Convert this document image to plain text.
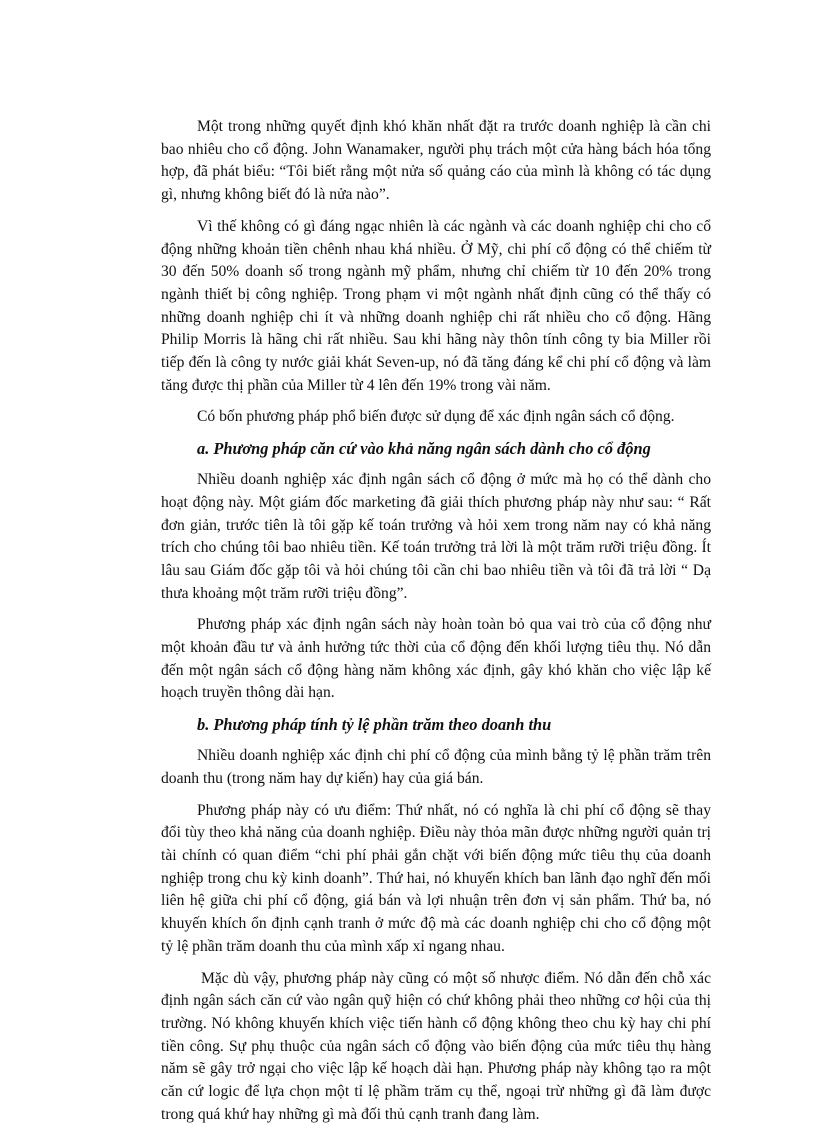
Một trong những quyết định khó khăn nhất đặt ra trước doanh nghiệp là cần chi bao nhiêu cho cổ động. John Wanamaker, người phụ trách một cửa hàng bách hóa tổng hợp, đã phát biểu: “Tôi biết rằng một nửa số quảng cáo của mình là không có tác dụng gì, nhưng không biết đó là nửa nào”.

Vì thế không có gì đáng ngạc nhiên là các ngành và các doanh nghiệp chi cho cổ động những khoản tiền chênh nhau khá nhiều. Ở Mỹ, chi phí cổ động có thể chiếm từ 30 đến 50% doanh số trong ngành mỹ phẩm, nhưng chỉ chiếm từ 10 đến 20% trong ngành thiết bị công nghiệp. Trong phạm vi một ngành nhất định cũng có thể thấy có những doanh nghiệp chi ít và những doanh nghiệp chi rất nhiều cho cổ động. Hãng Philip Morris là hãng chi rất nhiều. Sau khi hãng này thôn tính công ty bia Miller rồi tiếp đến là công ty nước giải khát Seven-up, nó đã tăng đáng kể chi phí cổ động và làm tăng được thị phần của Miller từ 4 lên đến 19% trong vài năm.

Có bốn phương pháp phổ biến được sử dụng để xác định ngân sách cổ động.

a. Phương pháp căn cứ vào khả năng ngân sách dành cho cổ động

Nhiều doanh nghiệp xác định ngân sách cổ động ở mức mà họ có thể dành cho hoạt động này. Một giám đốc marketing đã giải thích phương pháp này như sau: “ Rất đơn giản, trước tiên là tôi gặp kế toán trưởng và hỏi xem trong năm nay có khả năng trích cho chúng tôi bao nhiêu tiền. Kế toán trưởng trả lời là một trăm rưỡi triệu đồng. Ít lâu sau Giám đốc gặp tôi và hỏi chúng tôi cần chi bao nhiêu tiền và tôi đã trả lời “ Dạ thưa khoảng một trăm rưỡi triệu đồng”.

Phương pháp xác định ngân sách này hoàn toàn bỏ qua vai trò của cổ động như một khoản đầu tư và ảnh hưởng tức thời của cổ động đến khối lượng tiêu thụ. Nó dẫn đến một ngân sách cổ động hàng năm không xác định, gây khó khăn cho việc lập kế hoạch truyền thông dài hạn.

b. Phương pháp tính tỷ lệ phần trăm theo doanh thu

Nhiều doanh nghiệp xác định chi phí cổ động của mình bằng tỷ lệ phần trăm trên doanh thu (trong năm hay dự kiến) hay của giá bán.

Phương pháp này có ưu điểm: Thứ nhất, nó có nghĩa là chi phí cổ động sẽ thay đổi tùy theo khả năng của doanh nghiệp. Điều này thỏa mãn được những người quản trị tài chính có quan điểm “chi phí phải gắn chặt với biến động mức tiêu thụ của doanh nghiệp trong chu kỳ kinh doanh”. Thứ hai, nó khuyến khích ban lãnh đạo nghĩ đến mối liên hệ giữa chi phí cổ động, giá bán và lợi nhuận trên đơn vị sản phẩm. Thứ ba, nó khuyến khích ổn định cạnh tranh ở mức độ mà các doanh nghiệp chi cho cổ động một tỷ lệ phần trăm doanh thu của mình xấp xỉ ngang nhau.

Mặc dù vậy, phương pháp này cũng có một số nhược điểm. Nó dẫn đến chỗ xác định ngân sách căn cứ vào ngân quỹ hiện có chứ không phải theo những cơ hội của thị trường. Nó không khuyến khích việc tiến hành cổ động không theo chu kỳ hay chi phí tiền công. Sự phụ thuộc của ngân sách cổ động vào biến động của mức tiêu thụ hàng năm sẽ gây trở ngại cho việc lập kế hoạch dài hạn. Phương pháp này không tạo ra một căn cứ logic để lựa chọn một tỉ lệ phầm trăm cụ thể, ngoại trừ những gì đã làm được trong quá khứ hay những gì mà đối thủ cạnh tranh đang làm.
